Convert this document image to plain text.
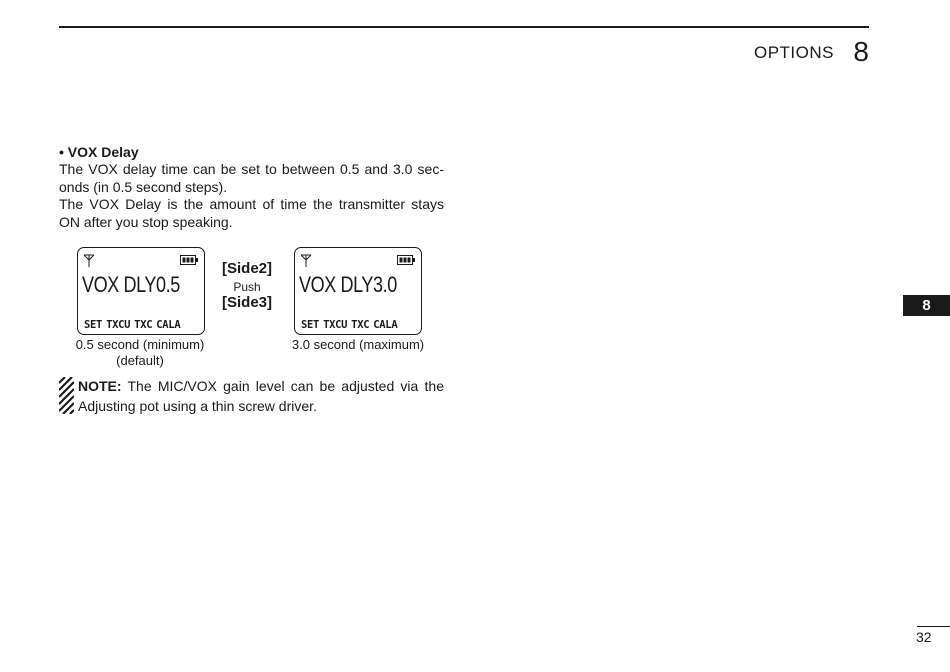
OPTIONS 8
• VOX Delay
The VOX delay time can be set to between 0.5 and 3.0 sec-onds (in 0.5 second steps).
The VOX Delay is the amount of time the transmitter stays ON after you stop speaking.
VOX DLY0.5
SET TXCU TXC CALA
0.5 second (minimum)
(default)
[Side2]
Push
[Side3]
VOX DLY3.0
SET TXCU TXC CALA
3.0 second (maximum)
NOTE: The MIC/VOX gain level can be adjusted via the Adjusting pot using a thin screw driver.
8
32
